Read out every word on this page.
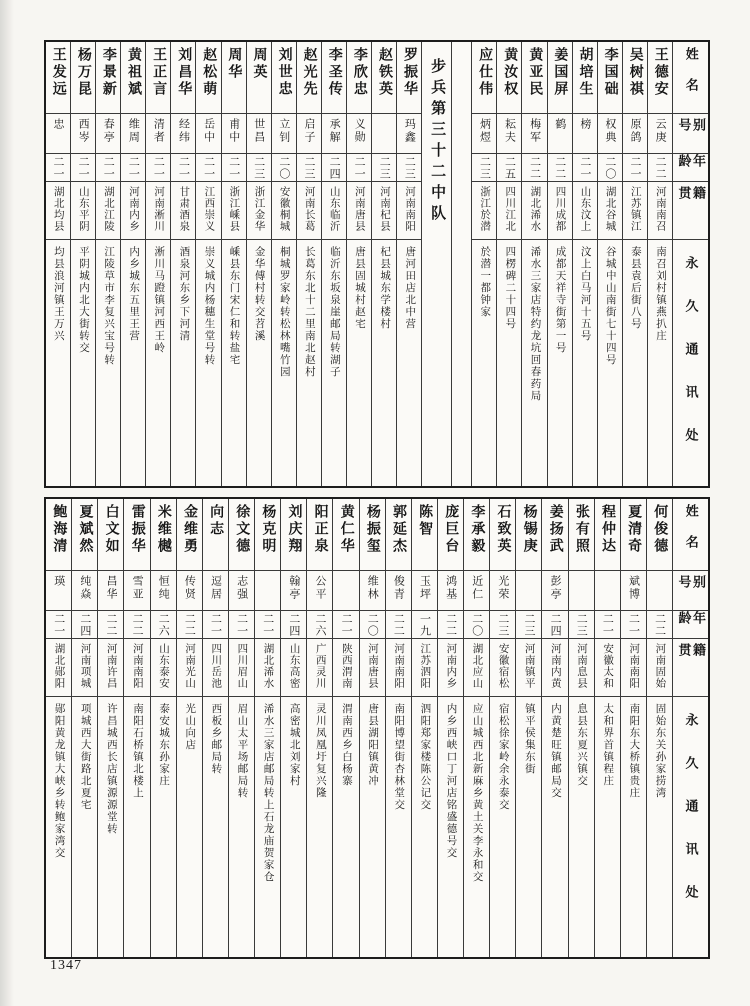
姓名
别号
年龄
籍贯
永久通讯处
王德安
云庚
二二
河南南召
南召刘村镇燕扒庄
吴树祺
原鸽
二一
江苏镇江
泰县袁后街八号
李国础
权典
二〇
湖北谷城
谷城中山南街七十四号
胡培生
榜
二一
山东汶上
汶上白马河十五号
姜国屏
鹤
二二
四川成都
成都天祥寺街第一号
黄亚民
梅军
二二
湖北浠水
浠水三家店特约龙坑回春药局
黄汝权
耘夫
二五
四川江北
四楞碑二十四号
应仕伟
炳煜
二三
浙江於潜
於潜一都钟家
步兵第三十二中队
罗振华
玛鑫
二三
河南南阳
唐河田店北中营
赵铁英
二三
河南杞县
杞县城东学楼村
李欣忠
义勋
二一
河南唐县
唐县固城村赵宅
李圣传
承解
二四
山东临沂
临沂东坂泉崖邮局转湖子
赵光先
启子
二三
河南长葛
长葛东北十二里南北赵村
刘世忠
立钊
二〇
安徽桐城
桐城罗家岭转松林嘴竹园
周英
世昌
二三
浙江金华
金华傅村转交苕溪
周华
甫中
二一
浙江嵊县
嵊县东门宋仁和转盐宅
赵松萌
岳中
二一
江西崇义
崇义城内杨穗生堂号转
刘昌华
经纬
二一
甘肃酒泉
酒泉河东乡下河清
王正言
清者
二一
河南淅川
淅川马蹬镇河西王岭
黄祖斌
维周
二一
河南内乡
内乡城东五里王营
李景新
春亭
二一
湖北江陵
江陵草市李复兴宝号转
杨万昆
西岑
二一
山东平阴
平阴城内北大街转交
王发远
忠
二一
湖北均县
均县浪河镇王万兴
姓名
别号
年龄
籍贯
永久通讯处
何俊德
二二
河南固始
固始东关孙家捞湾
夏清奇
斌博
二一
河南南阳
南阳东大桥镇贵庄
程仲达
二一
安徽太和
太和界首镇程庄
张有照
二三
河南息县
息县东夏兴镇交
姜扬武
彭亭
二四
河南内黄
内黄楚旺镇邮局交
杨锡庚
二三
河南镇平
镇平侯集东街
石致英
光荣
二三
安徽宿松
宿松徐家岭余永泰交
李承毅
近仁
二〇
湖北应山
应山城西北新麻乡黄土关李永和交
庞巨台
鸿基
二二
河南内乡
内乡西峡口丁河店铭盛德号交
陈智
玉坪
一九
江苏泗阳
泗阳郑家楼陈公记交
郭延杰
俊青
二二
河南南阳
南阳博望街杏林堂交
杨振玺
维林
二〇
河南唐县
唐县湖阳镇黄冲
黄仁华
二一
陕西渭南
渭南西乡白杨寨
阳正泉
公平
二六
广西灵川
灵川凤凰圩复兴隆
刘庆翔
翰亭
二四
山东高密
高密城北刘家村
杨克明
二一
湖北浠水
浠水三家店邮局转上石龙庙贺家仓
徐文德
志强
二一
四川眉山
眉山太平场邮局转
向志
逗居
二一
四川岳池
西板乡邮局转
金维勇
传贤
二二
河南光山
光山向店
米维樾
恒纯
二六
山东泰安
泰安城东孙家庄
雷振华
雪亚
二二
河南南阳
南阳石桥镇北楼上
白文如
昌华
二二
河南许昌
许昌城西长店镇源源堂转
夏斌然
纯焱
二四
河南项城
项城西大街路北夏宅
鲍海清
瑛
二一
湖北郧阳
郧阳黄龙镇大峡乡转鲍家湾交
1347
